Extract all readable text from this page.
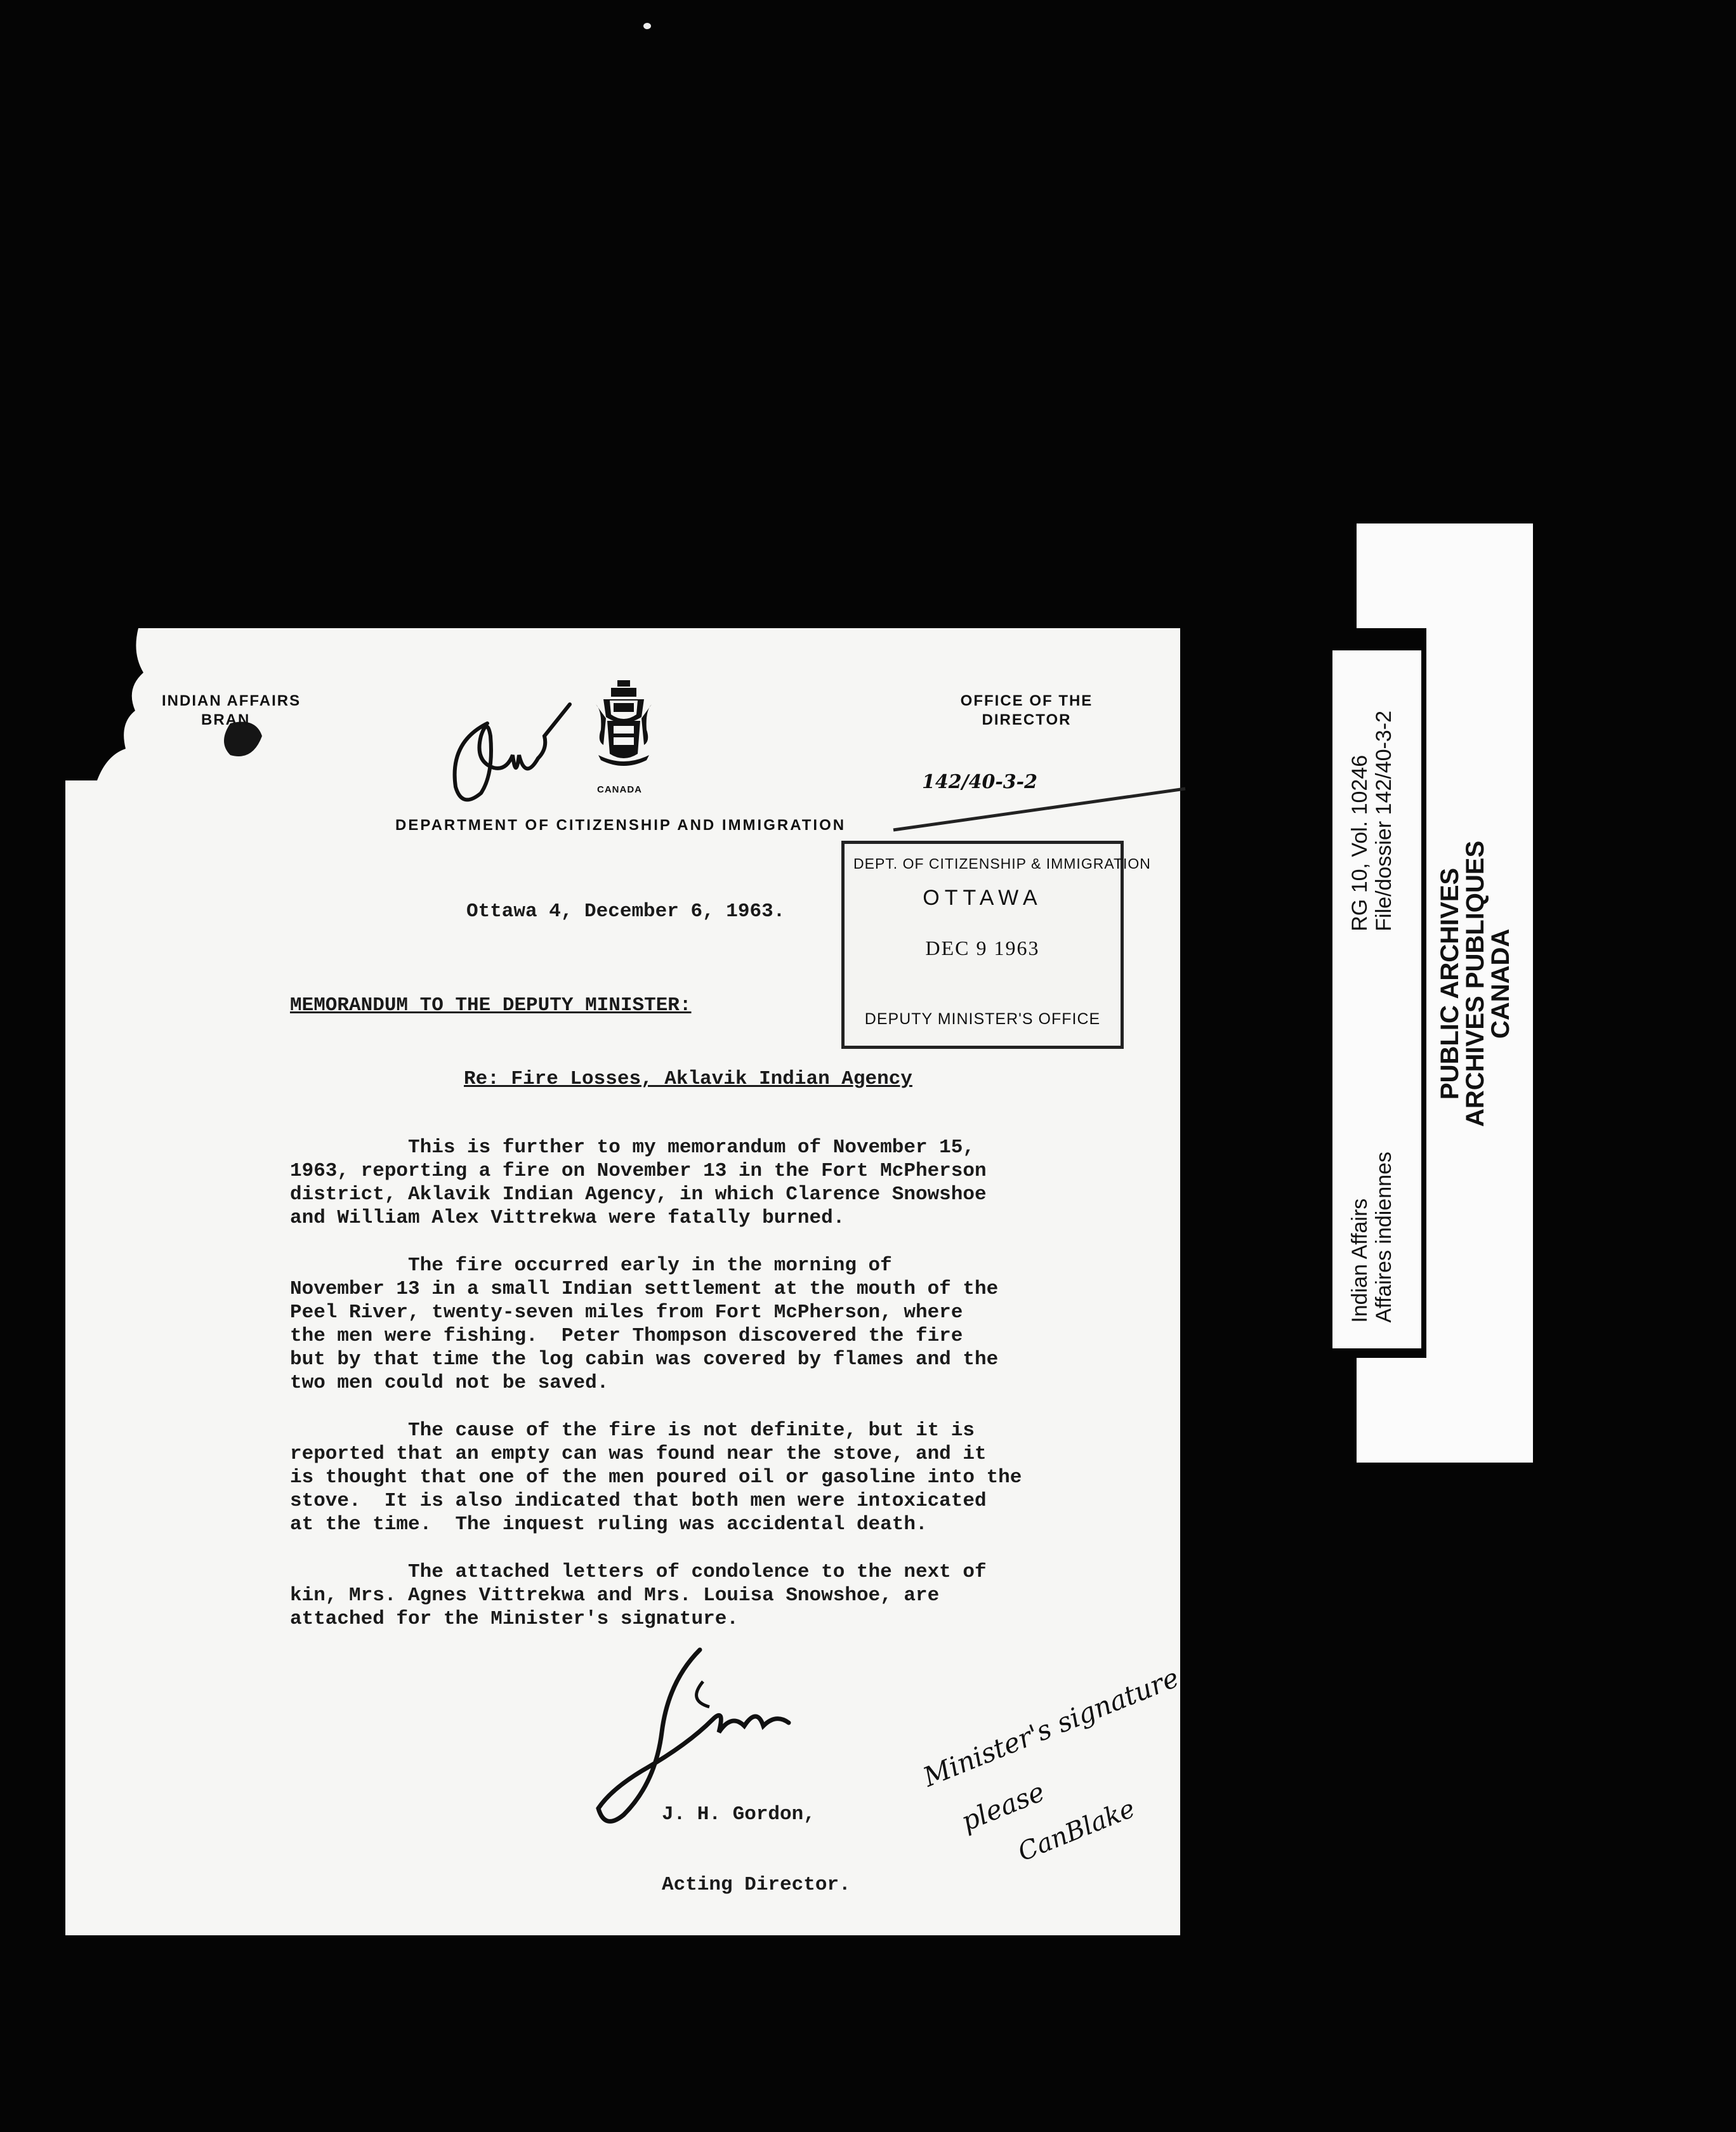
INDIAN AFFAIRS
BRAN
OFFICE OF THE
DIRECTOR
CANADA
DEPARTMENT OF CITIZENSHIP AND IMMIGRATION
142/40-3-2
DEPT. OF CITIZENSHIP & IMMIGRATION
OTTAWA
DEC 9 1963
DEPUTY MINISTER'S OFFICE
Ottawa 4, December 6, 1963.
MEMORANDUM TO THE DEPUTY MINISTER:
Re: Fire Losses, Aklavik Indian Agency
This is further to my memorandum of November 15,
1963, reporting a fire on November 13 in the Fort McPherson
district, Aklavik Indian Agency, in which Clarence Snowshoe
and William Alex Vittrekwa were fatally burned.
The fire occurred early in the morning of
November 13 in a small Indian settlement at the mouth of the
Peel River, twenty-seven miles from Fort McPherson, where
the men were fishing.  Peter Thompson discovered the fire
but by that time the log cabin was covered by flames and the
two men could not be saved.
The cause of the fire is not definite, but it is
reported that an empty can was found near the stove, and it
is thought that one of the men poured oil or gasoline into the
stove.  It is also indicated that both men were intoxicated
at the time.  The inquest ruling was accidental death.
The attached letters of condolence to the next of
kin, Mrs. Agnes Vittrekwa and Mrs. Louisa Snowshoe, are
attached for the Minister's signature.

J. H. Gordon,

Acting Director.

Minister's signature
please
CanBlake
Indian Affairs Affaires indiennes
RG 10, Vol. 10246 File/dossier 142/40-3-2
PUBLIC ARCHIVES
ARCHIVES PUBLIQUES
CANADA
